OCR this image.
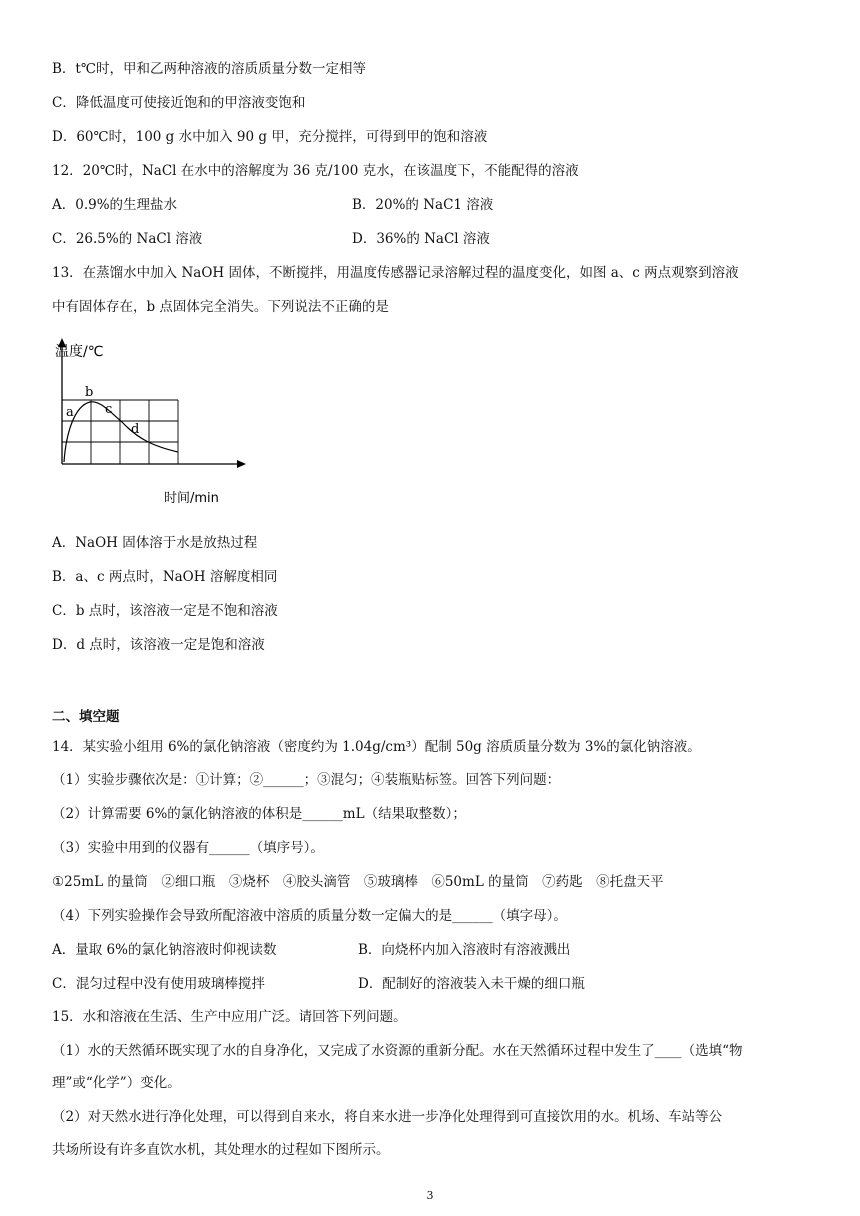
B．t℃时，甲和乙两种溶液的溶质质量分数一定相等
C．降低温度可使接近饱和的甲溶液变饱和
D．60℃时，100 g 水中加入 90 g 甲，充分搅拌，可得到甲的饱和溶液
12．20℃时，NaCl 在水中的溶解度为 36 克/100 克水，在该温度下，不能配得的溶液
A．0.9%的生理盐水	B．20%的 NaC1 溶液
C．26.5%的 NaCl 溶液	D．36%的 NaCl 溶液
13．在蒸馏水中加入 NaOH 固体，不断搅拌，用温度传感器记录溶解过程的温度变化，如图 a、c 两点观察到溶液
中有固体存在，b 点固体完全消失。下列说法不正确的是
温度/℃
时间/min
a
b
c
d
A．NaOH 固体溶于水是放热过程
B．a、c 两点时，NaOH 溶解度相同
C．b 点时，该溶液一定是不饱和溶液
D．d 点时，该溶液一定是饱和溶液
二、填空题
14．某实验小组用 6%的氯化钠溶液（密度约为 1.04g/cm³）配制 50g 溶质质量分数为 3%的氯化钠溶液。
（1）实验步骤依次是：①计算；②______；③混匀；④装瓶贴标签。回答下列问题：
（2）计算需要 6%的氯化钠溶液的体积是______mL（结果取整数）；
（3）实验中用到的仪器有______（填序号）。
①25mL 的量筒　②细口瓶　③烧杯　④胶头滴管　⑤玻璃棒　⑥50mL 的量筒　⑦药匙　⑧托盘天平
（4）下列实验操作会导致所配溶液中溶质的质量分数一定偏大的是______（填字母）。
A．量取 6%的氯化钠溶液时仰视读数	B．向烧杯内加入溶液时有溶液溅出
C．混匀过程中没有使用玻璃棒搅拌	D．配制好的溶液装入未干燥的细口瓶
15．水和溶液在生活、生产中应用广泛。请回答下列问题。
（1）水的天然循环既实现了水的自身净化，又完成了水资源的重新分配。水在天然循环过程中发生了____（选填“物
理”或“化学”）变化。
（2）对天然水进行净化处理，可以得到自来水，将自来水进一步净化处理得到可直接饮用的水。机场、车站等公
共场所设有许多直饮水机，其处理水的过程如下图所示。
3
